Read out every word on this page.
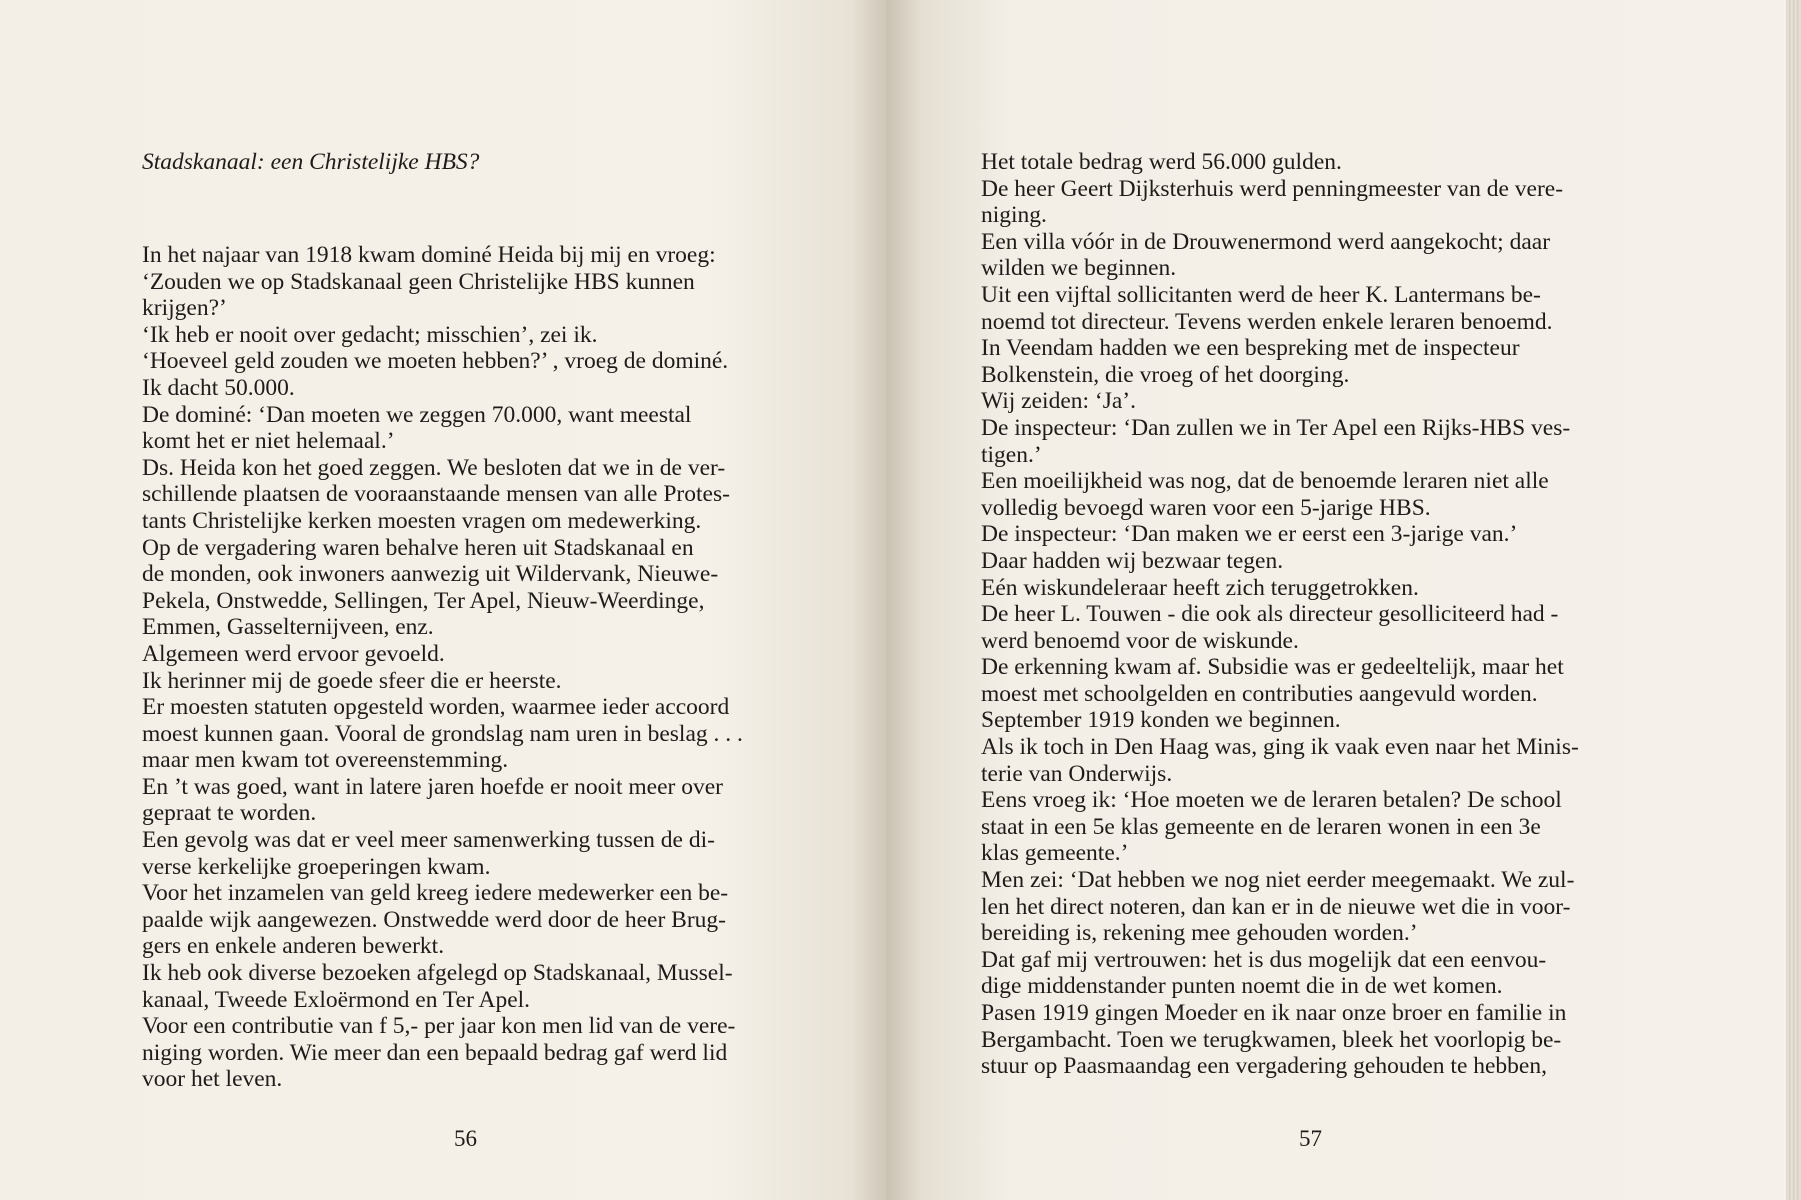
Stadskanaal: een Christelijke HBS?
In het najaar van 1918 kwam dominé Heida bij mij en vroeg:
‘Zouden we op Stadskanaal geen Christelijke HBS kunnen
krijgen?’
‘Ik heb er nooit over gedacht; misschien’, zei ik.
‘Hoeveel geld zouden we moeten hebben?’ , vroeg de dominé.
Ik dacht 50.000.
De dominé: ‘Dan moeten we zeggen 70.000, want meestal
komt het er niet helemaal.’
Ds. Heida kon het goed zeggen. We besloten dat we in de ver-
schillende plaatsen de vooraanstaande mensen van alle Protes-
tants Christelijke kerken moesten vragen om medewerking.
Op de vergadering waren behalve heren uit Stadskanaal en
de monden, ook inwoners aanwezig uit Wildervank, Nieuwe-
Pekela, Onstwedde, Sellingen, Ter Apel, Nieuw-Weerdinge,
Emmen, Gasselternijveen, enz.
Algemeen werd ervoor gevoeld.
Ik herinner mij de goede sfeer die er heerste.
Er moesten statuten opgesteld worden, waarmee ieder accoord
moest kunnen gaan. Vooral de grondslag nam uren in beslag . . .
maar men kwam tot overeenstemming.
En ’t was goed, want in latere jaren hoefde er nooit meer over
gepraat te worden.
Een gevolg was dat er veel meer samenwerking tussen de di-
verse kerkelijke groeperingen kwam.
Voor het inzamelen van geld kreeg iedere medewerker een be-
paalde wijk aangewezen. Onstwedde werd door de heer Brug-
gers en enkele anderen bewerkt.
Ik heb ook diverse bezoeken afgelegd op Stadskanaal, Mussel-
kanaal, Tweede Exloërmond en Ter Apel.
Voor een contributie van f 5,- per jaar kon men lid van de vere-
niging worden. Wie meer dan een bepaald bedrag gaf werd lid
voor het leven.
56
Het totale bedrag werd 56.000 gulden.
De heer Geert Dijksterhuis werd penningmeester van de vere-
niging.
Een villa vóór in de Drouwenermond werd aangekocht; daar
wilden we beginnen.
Uit een vijftal sollicitanten werd de heer K. Lantermans be-
noemd tot directeur. Tevens werden enkele leraren benoemd.
In Veendam hadden we een bespreking met de inspecteur
Bolkenstein, die vroeg of het doorging.
Wij zeiden: ‘Ja’.
De inspecteur: ‘Dan zullen we in Ter Apel een Rijks-HBS ves-
tigen.’
Een moeilijkheid was nog, dat de benoemde leraren niet alle
volledig bevoegd waren voor een 5-jarige HBS.
De inspecteur: ‘Dan maken we er eerst een 3-jarige van.’
Daar hadden wij bezwaar tegen.
Eén wiskundeleraar heeft zich teruggetrokken.
De heer L. Touwen - die ook als directeur gesolliciteerd had -
werd benoemd voor de wiskunde.
De erkenning kwam af. Subsidie was er gedeeltelijk, maar het
moest met schoolgelden en contributies aangevuld worden.
September 1919 konden we beginnen.
Als ik toch in Den Haag was, ging ik vaak even naar het Minis-
terie van Onderwijs.
Eens vroeg ik: ‘Hoe moeten we de leraren betalen? De school
staat in een 5e klas gemeente en de leraren wonen in een 3e
klas gemeente.’
Men zei: ‘Dat hebben we nog niet eerder meegemaakt. We zul-
len het direct noteren, dan kan er in de nieuwe wet die in voor-
bereiding is, rekening mee gehouden worden.’
Dat gaf mij vertrouwen: het is dus mogelijk dat een eenvou-
dige middenstander punten noemt die in de wet komen.
Pasen 1919 gingen Moeder en ik naar onze broer en familie in
Bergambacht. Toen we terugkwamen, bleek het voorlopig be-
stuur op Paasmaandag een vergadering gehouden te hebben,
57
